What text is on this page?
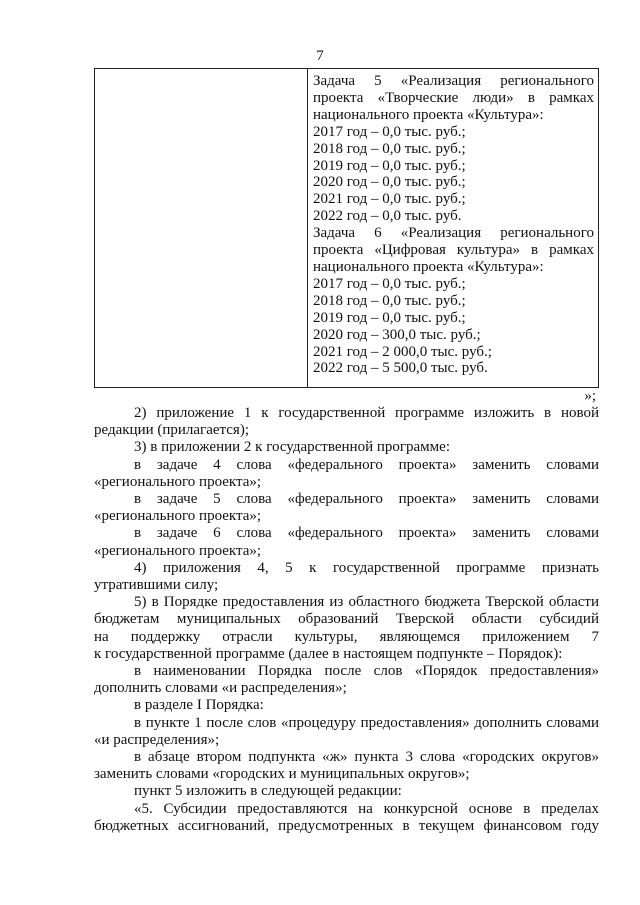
7

Задача 5 «Реализация регионального

проекта «Творческие люди» в рамках

национального проекта «Культура»:

2017 год – 0,0 тыс. руб.;

2018 год – 0,0 тыс. руб.;

2019 год – 0,0 тыс. руб.;

2020 год – 0,0 тыс. руб.;

2021 год – 0,0 тыс. руб.;

2022 год – 0,0 тыс. руб.

Задача 6 «Реализация регионального

проекта «Цифровая культура» в рамках

национального проекта «Культура»:

2017 год – 0,0 тыс. руб.;

2018 год – 0,0 тыс. руб.;

2019 год – 0,0 тыс. руб.;

2020 год – 300,0 тыс. руб.;

2021 год – 2 000,0 тыс. руб.;

2022 год – 5 500,0 тыс. руб.

»;

2) приложение 1 к государственной программе изложить в новой

редакции (прилагается);

3) в приложении 2 к государственной программе:

в задаче 4 слова «федерального проекта» заменить словами

«регионального проекта»;

в задаче 5 слова «федерального проекта» заменить словами

«регионального проекта»;

в задаче 6 слова «федерального проекта» заменить словами

«регионального проекта»;

4) приложения 4, 5 к государственной программе признать

утратившими силу;

5) в Порядке предоставления из областного бюджета Тверской области

бюджетам муниципальных образований Тверской области субсидий

на поддержку отрасли культуры, являющемся приложением 7

к государственной программе (далее в настоящем подпункте – Порядок):

в наименовании Порядка после слов «Порядок предоставления»

дополнить словами «и распределения»;

в разделе I Порядка:

в пункте 1 после слов «процедуру предоставления» дополнить словами

«и распределения»;

в абзаце втором подпункта «ж» пункта 3 слова «городских округов»

заменить словами «городских и муниципальных округов»;

пункт 5 изложить в следующей редакции:

«5. Субсидии предоставляются на конкурсной основе в пределах

бюджетных ассигнований, предусмотренных в текущем финансовом году
